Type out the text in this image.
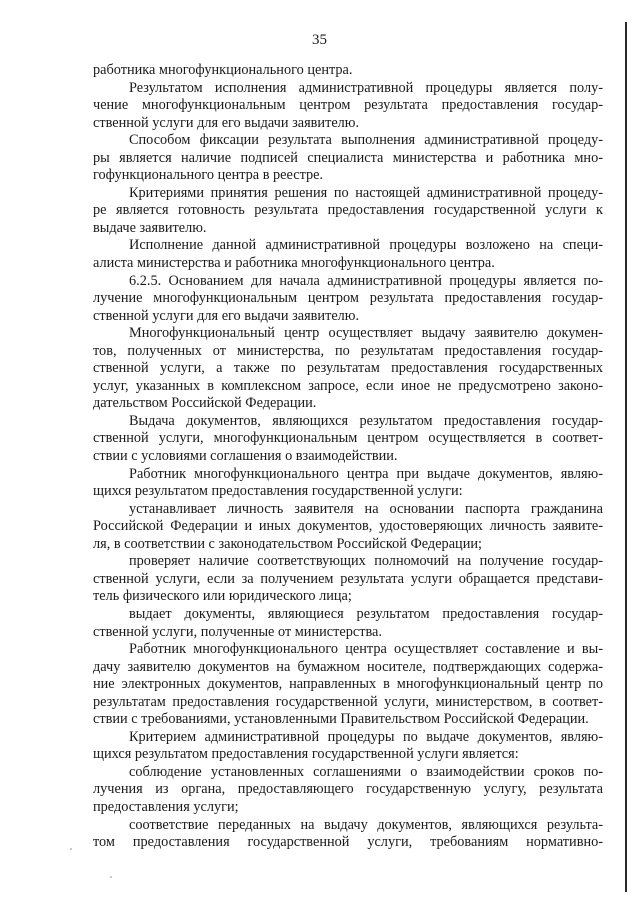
35
работника многофункционального центра.
Результатом исполнения административной процедуры является полу-
чение многофункциональным центром результата предоставления государ-
ственной услуги для его выдачи заявителю.
Способом фиксации результата выполнения административной процеду-
ры является наличие подписей специалиста министерства и работника мно-
гофункционального центра в реестре.
Критериями принятия решения по настоящей административной процеду-
ре является готовность результата предоставления государственной услуги к
выдаче заявителю.
Исполнение данной административной процедуры возложено на специ-
алиста министерства и работника многофункционального центра.
6.2.5. Основанием для начала административной процедуры является по-
лучение многофункциональным центром результата предоставления государ-
ственной услуги для его выдачи заявителю.
Многофункциональный центр осуществляет выдачу заявителю докумен-
тов, полученных от министерства, по результатам предоставления государ-
ственной услуги, а также по результатам предоставления государственных
услуг, указанных в комплексном запросе, если иное не предусмотрено законо-
дательством Российской Федерации.
Выдача документов, являющихся результатом предоставления государ-
ственной услуги, многофункциональным центром осуществляется в соответ-
ствии с условиями соглашения о взаимодействии.
Работник многофункционального центра при выдаче документов, являю-
щихся результатом предоставления государственной услуги:
устанавливает личность заявителя на основании паспорта гражданина
Российской Федерации и иных документов, удостоверяющих личность заявите-
ля, в соответствии с законодательством Российской Федерации;
проверяет наличие соответствующих полномочий на получение государ-
ственной услуги, если за получением результата услуги обращается представи-
тель физического или юридического лица;
выдает документы, являющиеся результатом предоставления государ-
ственной услуги, полученные от министерства.
Работник многофункционального центра осуществляет составление и вы-
дачу заявителю документов на бумажном носителе, подтверждающих содержа-
ние электронных документов, направленных в многофункциональный центр по
результатам предоставления государственной услуги, министерством, в соответ-
ствии с требованиями, установленными Правительством Российской Федерации.
Критерием административной процедуры по выдаче документов, являю-
щихся результатом предоставления государственной услуги является:
соблюдение установленных соглашениями о взаимодействии сроков по-
лучения из органа, предоставляющего государственную услугу, результата
предоставления услуги;
соответствие переданных на выдачу документов, являющихся результа-
том предоставления государственной услуги, требованиям нормативно-
